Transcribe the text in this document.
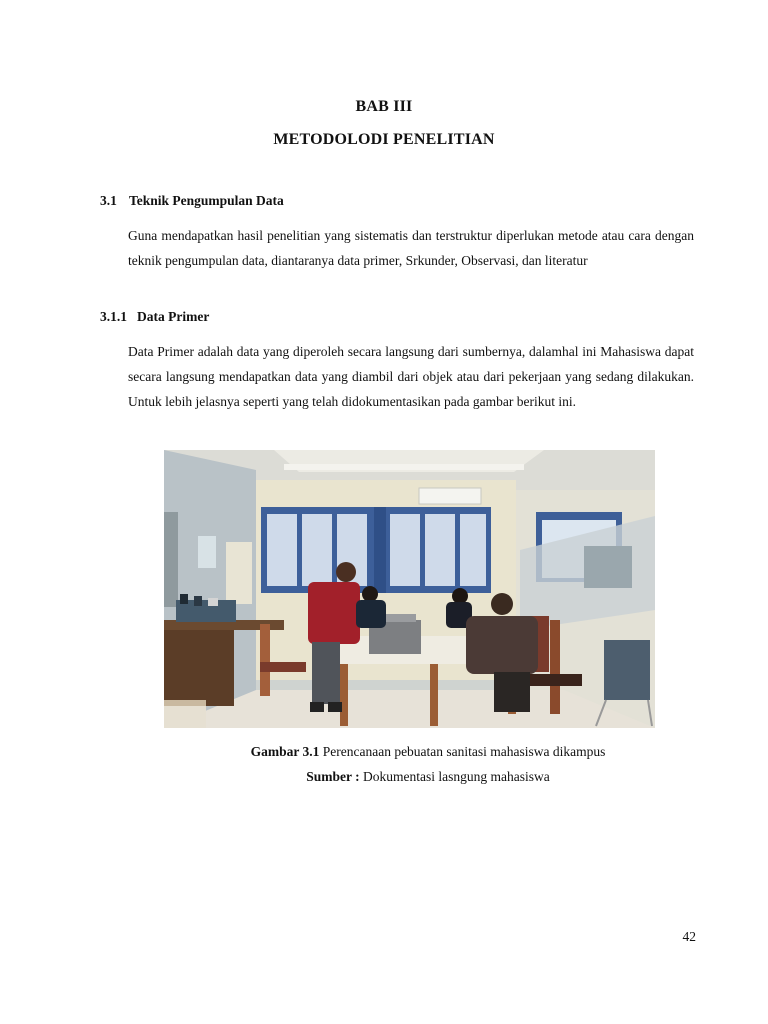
BAB III
METODOLODI PENELITIAN
3.1 Teknik Pengumpulan Data
Guna mendapatkan hasil penelitian yang sistematis dan terstruktur diperlukan metode atau cara dengan teknik pengumpulan data, diantaranya data primer, Srkunder, Observasi, dan literatur
3.1.1 Data Primer
Data Primer adalah data yang diperoleh secara langsung dari sumbernya, dalamhal ini Mahasiswa dapat secara langsung mendapatkan data yang diambil dari objek atau dari pekerjaan yang sedang dilakukan. Untuk lebih jelasnya seperti yang telah didokumentasikan pada gambar berikut ini.
Gambar 3.1 Perencanaan pebuatan sanitasi mahasiswa dikampus
Sumber : Dokumentasi lasngung mahasiswa
42
